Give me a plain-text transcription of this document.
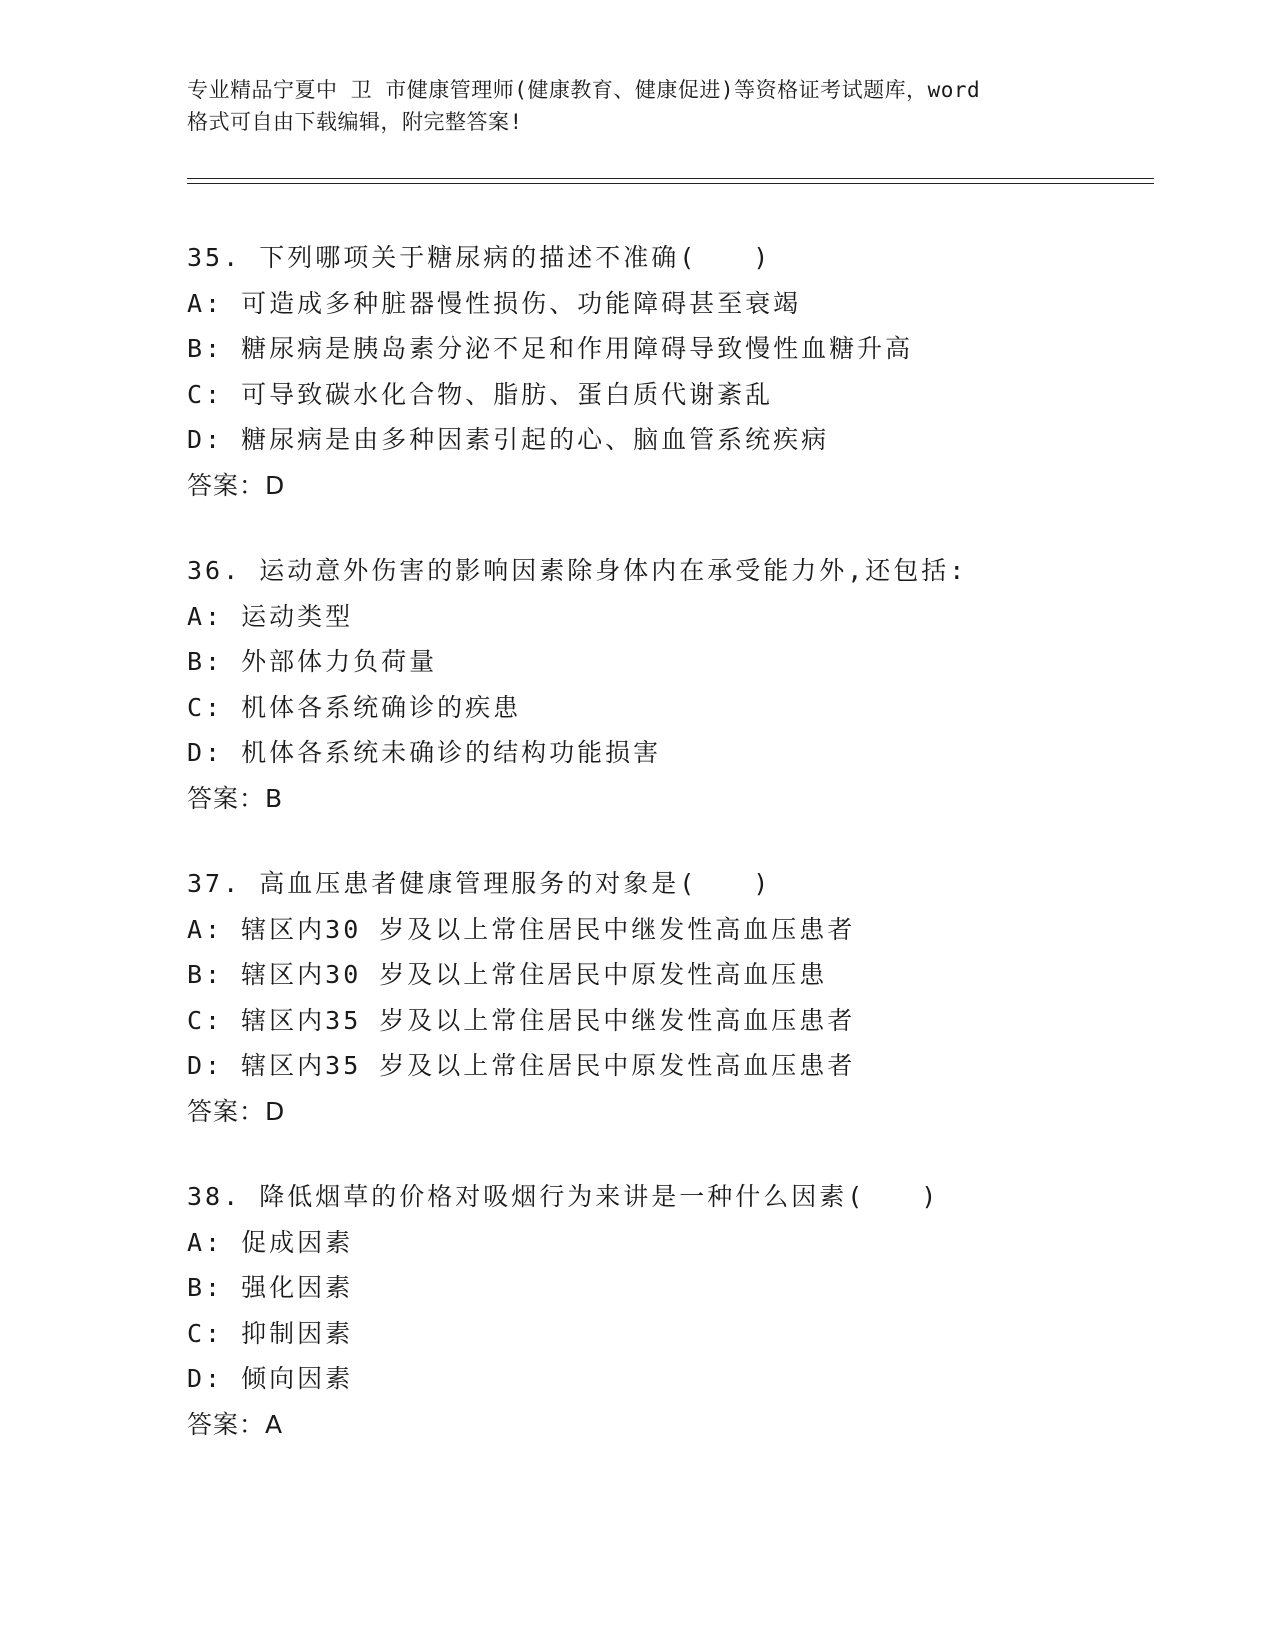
专业精品宁夏中 卫 市健康管理师(健康教育、健康促进)等资格证考试题库，word
格式可自由下载编辑，附完整答案!
35. 下列哪项关于糖尿病的描述不准确(　　)
A: 可造成多种脏器慢性损伤、功能障碍甚至衰竭
B: 糖尿病是胰岛素分泌不足和作用障碍导致慢性血糖升高
C: 可导致碳水化合物、脂肪、蛋白质代谢紊乱
D: 糖尿病是由多种因素引起的心、脑血管系统疾病
答案：D
36. 运动意外伤害的影响因素除身体内在承受能力外,还包括:
A: 运动类型
B: 外部体力负荷量
C: 机体各系统确诊的疾患
D: 机体各系统未确诊的结构功能损害
答案：B
37. 高血压患者健康管理服务的对象是(　　)
A: 辖区内30 岁及以上常住居民中继发性高血压患者
B: 辖区内30 岁及以上常住居民中原发性高血压患
C: 辖区内35 岁及以上常住居民中继发性高血压患者
D: 辖区内35 岁及以上常住居民中原发性高血压患者
答案：D
38. 降低烟草的价格对吸烟行为来讲是一种什么因素(　　)
A: 促成因素
B: 强化因素
C: 抑制因素
D: 倾向因素
答案：A
